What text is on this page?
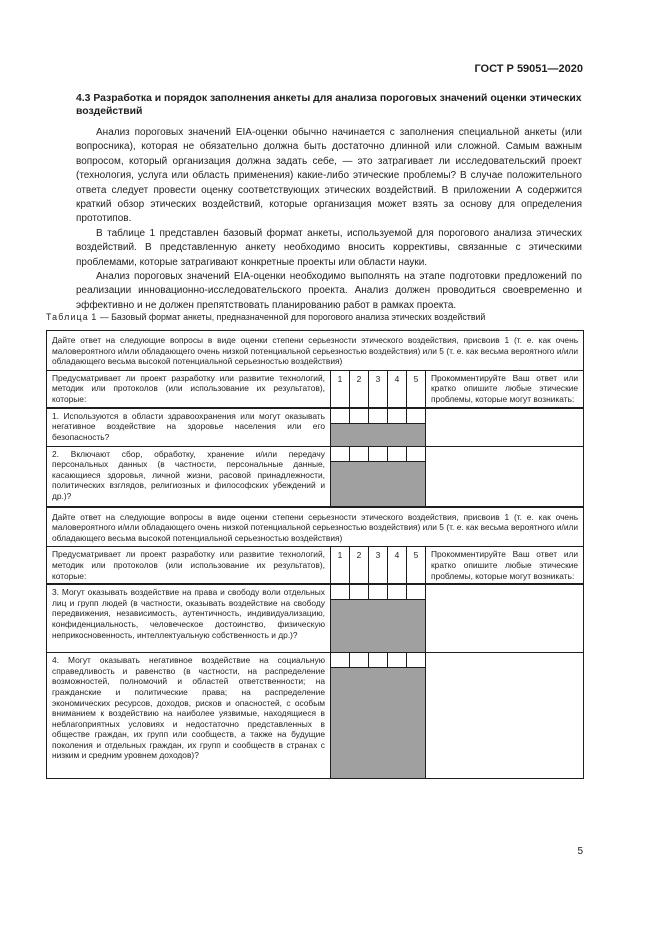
ГОСТ Р 59051—2020
4.3 Разработка и порядок заполнения анкеты для анализа пороговых значений оценки этических воздействий

Анализ пороговых значений EIA-оценки обычно начинается с заполнения специальной анкеты (или вопросника), которая не обязательно должна быть достаточно длинной или сложной. Самым важным вопросом, который организация должна задать себе, — это затрагивает ли исследовательский проект (технология, услуга или область применения) какие-либо этические проблемы? В случае положительного ответа следует провести оценку соответствующих этических воздействий. В приложении А содержится краткий обзор этических воздействий, которые организация может взять за основу для определения прототипов.

В таблице 1 представлен базовый формат анкеты, используемой для порогового анализа этических воздействий. В представленную анкету необходимо вносить коррективы, связанные с этическими проблемами, которые затрагивают конкретные проекты или области науки.

Анализ пороговых значений EIA-оценки необходимо выполнять на этапе подготовки предложений по реализации инновационно-исследовательского проекта. Анализ должен проводиться своевременно и эффективно и не должен препятствовать планированию работ в рамках проекта.

Таблица 1 — Базовый формат анкеты, предназначенной для порогового анализа этических воздействий
Дайте ответ на следующие вопросы в виде оценки степени серьезности этического воздействия, присвоив 1 (т. е. как очень маловероятного и/или обладающего очень низкой потенциальной серьезностью воздействия) или 5 (т. е. как весьма вероятного и/или обладающего весьма высокой потенциальной серьезностью воздействия)						
Предусматривает ли проект разработку или развитие технологий, методик или протоколов (или использование их результатов), которые:	1	2	3	4	5	Прокомментируйте Ваш ответ или кратко опишите любые этические проблемы, которые могут возникать:
1. Используются в области здравоохранения или могут оказывать негативное воздействие на здоровье населения или его безопасность?						

2. Включают сбор, обработку, хранение и/или передачу персональных данных (в частности, персональные данные, касающиеся здоровья, личной жизни, расовой принадлежности, политических взглядов, религиозных и философских убеждений и др.)?						

Дайте ответ на следующие вопросы в виде оценки степени серьезности этического воздействия, присвоив 1 (т. е. как очень маловероятного и/или обладающего очень низкой потенциальной серьезностью воздействия) или 5 (т. е. как весьма вероятного и/или обладающего весьма высокой потенциальной серьезностью воздействия)						
Предусматривает ли проект разработку или развитие технологий, методик или протоколов (или использование их результатов), которые:	1	2	3	4	5	Прокомментируйте Ваш ответ или кратко опишите любые этические проблемы, которые могут возникать:
3. Могут оказывать воздействие на права и свободу воли отдельных лиц и групп людей (в частности, оказывать воздействие на свободу передвижения, независимость, аутентичность, индивидуализацию, конфиденциальность, человеческое достоинство, физическую неприкосновенность, интеллектуальную собственность и др.)?						

4. Могут оказывать негативное воздействие на социальную справедливость и равенство (в частности, на распределение возможностей, полномочий и областей ответственности; на гражданские и политические права; на распределение экономических ресурсов, доходов, рисков и опасностей, с особым вниманием к воздействию на наиболее уязвимые, находящиеся в неблагоприятных условиях и недостаточно представленных в обществе граждан, их групп или сообществ, а также на будущие поколения и отдельных граждан, их групп и сообществ в странах с низким и средним уровнем доходов)?						

5
